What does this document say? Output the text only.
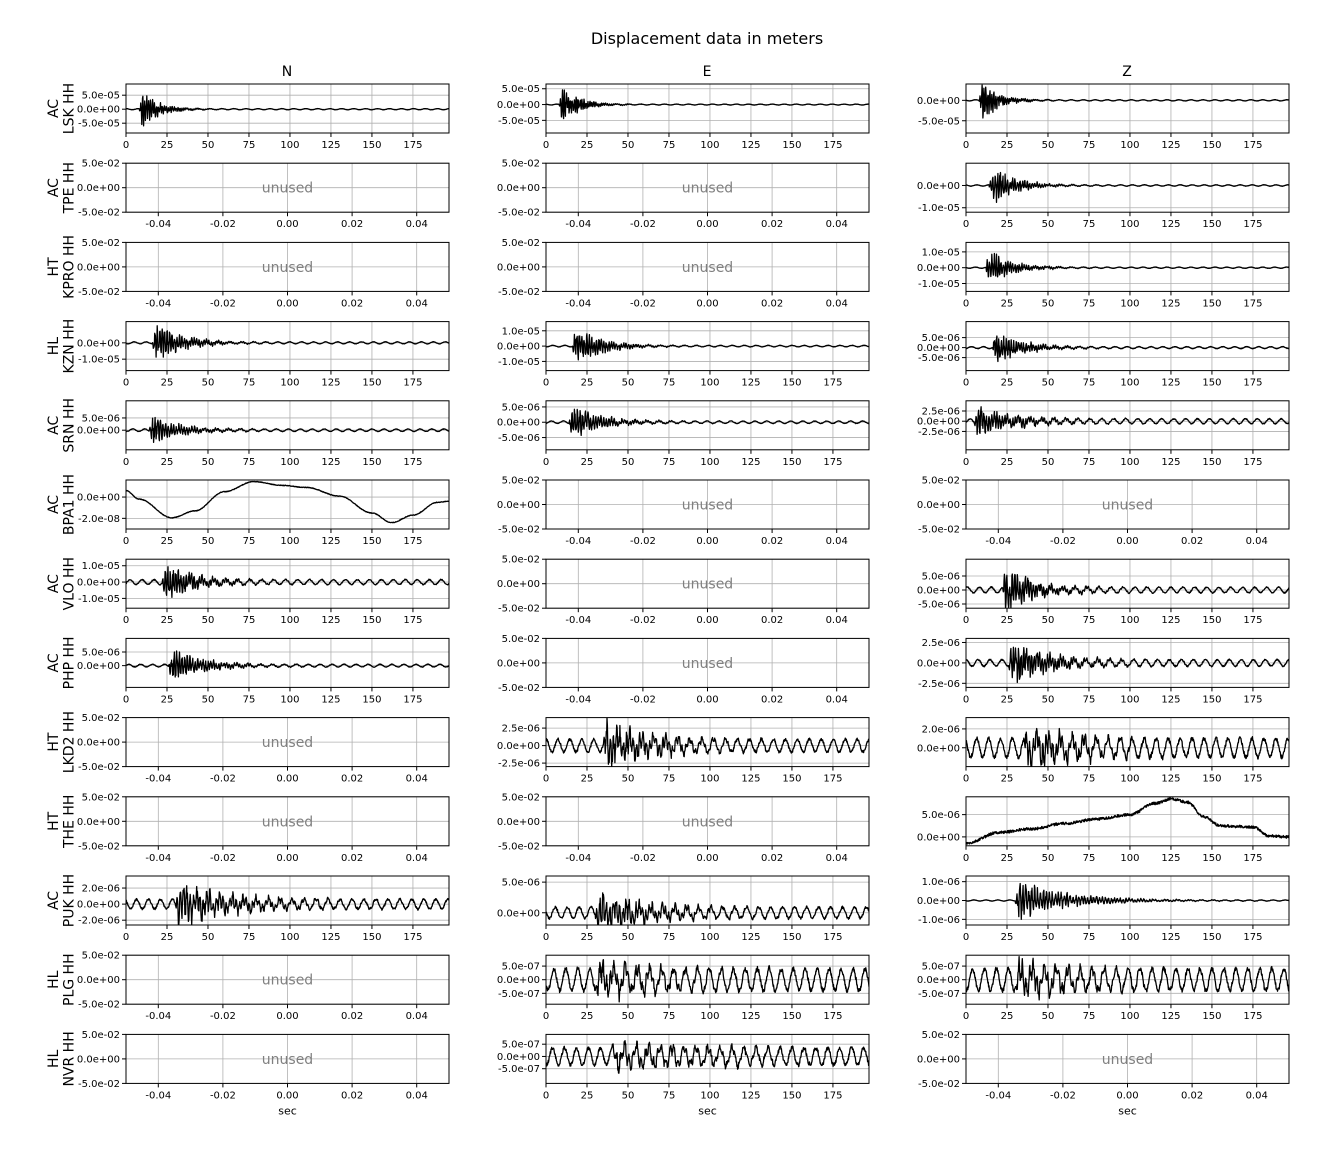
Displacement data in meters
N	E	Z
ACLSK HH
0	25	50	75	100 125 150 175
5.0e-05
0.0e+00
-5.0e-05
0	25	50	75	100 125 150 175
5.0e-05
0.0e+00
-5.0e-05
0	25	50	75	100 125 150 175
0.0e+00
-5.0e-05
ACTPE HH
-0.04	-0.02	0.00	0.02	0.04
5.0e-02
0.0e+00
-5.0e-02
unused
-0.04	-0.02	0.00	0.02	0.04
5.0e-02
0.0e+00
-5.0e-02
unused
0	25	50	75	100 125 150 175
0.0e+00
-1.0e-05
HTKPRO HH
-0.04	-0.02	0.00	0.02	0.04
5.0e-02
0.0e+00
-5.0e-02
unused
-0.04	-0.02	0.00	0.02	0.04
5.0e-02
0.0e+00
-5.0e-02
unused
0	25	50	75	100 125 150 175
1.0e-05
0.0e+00
-1.0e-05
HLKZN HH
0	25	50	75	100 125 150 175
0.0e+00
-1.0e-05
0	25	50	75	100 125 150 175
1.0e-05
0.0e+00
-1.0e-05
0	25	50	75	100 125 150 175
5.0e-06
0.0e+00
-5.0e-06
ACSRN HH
0	25	50	75	100 125 150 175
5.0e-06
0.0e+00
0	25	50	75	100 125 150 175
5.0e-06
0.0e+00
-5.0e-06
0	25	50	75	100 125 150 175
2.5e-06
0.0e+00
-2.5e-06
ACBPA1 HH
0	25	50	75	100 125 150 175
0.0e+00
-2.0e-08
-0.04	-0.02	0.00	0.02	0.04
5.0e-02
0.0e+00
-5.0e-02
unused
-0.04	-0.02	0.00	0.02	0.04
5.0e-02
0.0e+00
-5.0e-02
unused
ACVLO HH
0	25	50	75	100 125 150 175
1.0e-05
0.0e+00
-1.0e-05
-0.04	-0.02	0.00	0.02	0.04
5.0e-02
0.0e+00
-5.0e-02
unused
0	25	50	75	100 125 150 175
5.0e-06
0.0e+00
-5.0e-06
ACPHP HH
0	25	50	75	100 125 150 175
5.0e-06
0.0e+00
-0.04	-0.02	0.00	0.02	0.04
5.0e-02
0.0e+00
-5.0e-02
unused
0	25	50	75	100 125 150 175
2.5e-06
0.0e+00
-2.5e-06
HTLKD2 HH
-0.04	-0.02	0.00	0.02	0.04
5.0e-02
0.0e+00
-5.0e-02
unused
0	25	50	75	100 125 150 175
2.5e-06
0.0e+00
-2.5e-06
0	25	50	75	100 125 150 175
2.0e-06
0.0e+00
HTTHE HH
-0.04	-0.02	0.00	0.02	0.04
5.0e-02
0.0e+00
-5.0e-02
unused
-0.04	-0.02	0.00	0.02	0.04
5.0e-02
0.0e+00
-5.0e-02
unused
0	25	50	75	100 125 150 175
5.0e-06
0.0e+00
ACPUK HH
0	25	50	75	100 125 150 175
2.0e-06
0.0e+00
-2.0e-06
0	25	50	75	100 125 150 175
5.0e-06
0.0e+00
0	25	50	75	100 125 150 175
1.0e-06
0.0e+00
-1.0e-06
HLPLG HH
-0.04	-0.02	0.00	0.02	0.04
5.0e-02
0.0e+00
-5.0e-02
unused
0	25	50	75	100 125 150 175
5.0e-07
0.0e+00
-5.0e-07
0	25	50	75	100 125 150 175
5.0e-07
0.0e+00
-5.0e-07
HLNVR HH
-0.04	-0.02	0.00	0.02	0.04
5.0e-02
0.0e+00
-5.0e-02
unused
sec
0	25	50	75	100 125 150 175
5.0e-07
0.0e+00
-5.0e-07
sec
-0.04	-0.02	0.00	0.02	0.04
5.0e-02
0.0e+00
-5.0e-02
unused
sec
